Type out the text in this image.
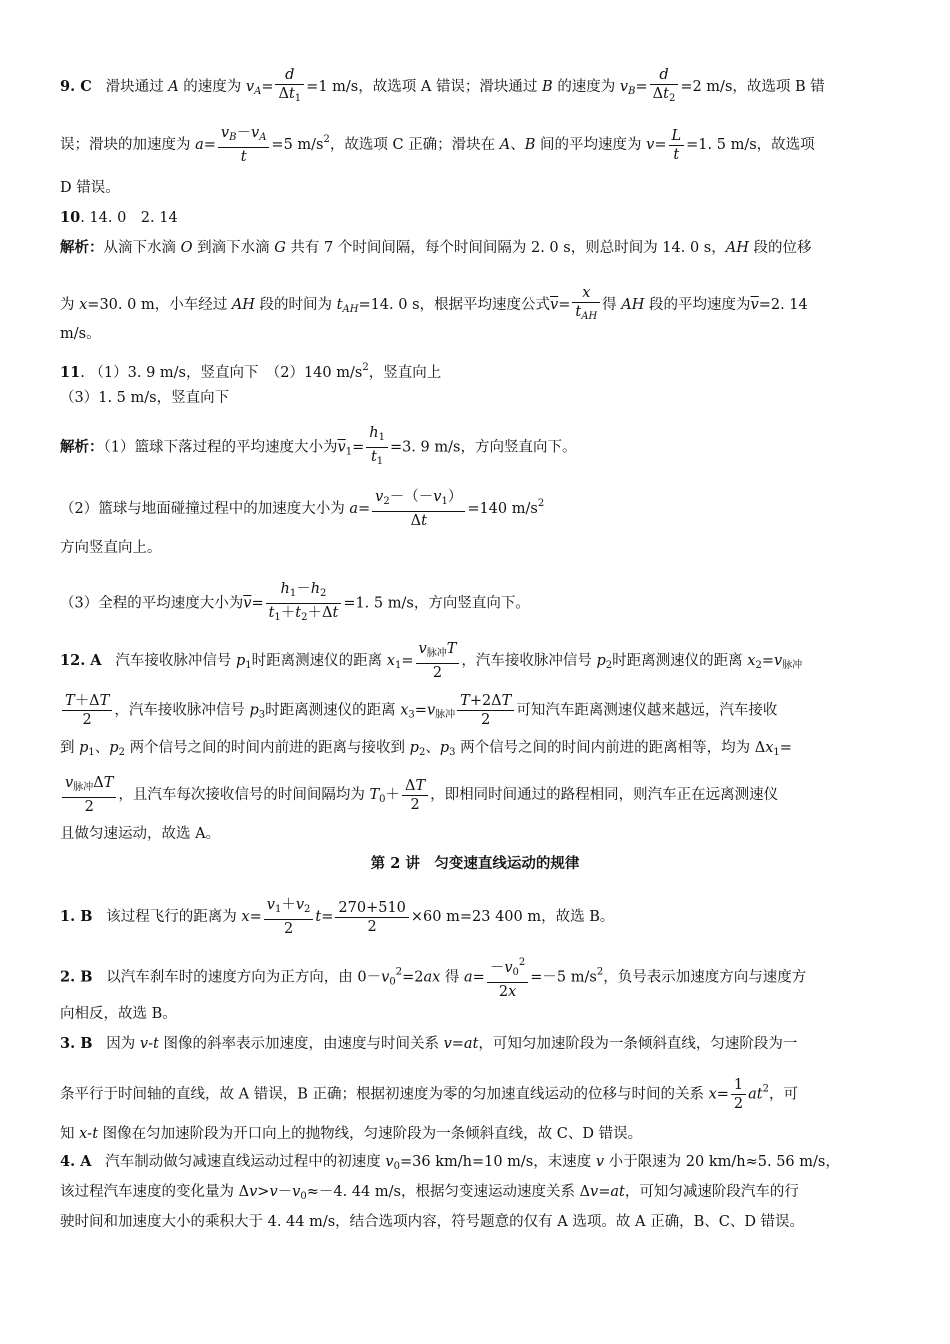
9. C 滑块通过 A 的速度为 $v_A= \frac{d}{\Delta t_1} =1$ m/s，故选项 A 错误；滑块通过 B 的速度为 $v_B= \frac{d}{\Delta t_2} =2$ m/s，故选项 B 错
误；滑块的加速度为 $a= \frac{v_B-v_A}{t} =5$ $m/s^2$，故选项 C 正确；滑块在 A、B 间的平均速度为 $v= \frac{L}{t} =1$. 5 m/s，故选项
D 错误。
10. 14. 0　2. 14
解析：从滴下水滴 O 到滴下水滴 G 共有 7 个时间间隔，每个时间间隔为 2. 0 s，则总时间为 14. 0 s，AH 段的位移
为 x=30. 0 m，小车经过 AH 段的时间为 $t_{AH}=14$. 0 s，根据平均速度公式$\overline{v}= \frac{x}{t_{AH}}$ 得 AH 段的平均速度为$\overline{v}=2$. 14
m/s。
11. （1）3. 9 m/s，竖直向下　（2）140 $m/s^2$，竖直向上
（3）1. 5 m/s，竖直向下
解析：（1）篮球下落过程的平均速度大小为$\overline{v}_1= \frac{h_1}{t_1} =3$. 9 m/s，方向竖直向下。
（2）篮球与地面碰撞过程中的加速度大小为 $a= \frac{v_2-(-v_1)}{\Delta t} =140$ $m/s^2$
方向竖直向上。
（3）全程的平均速度大小为$\overline{v}= \frac{h_1-h_2}{t_1+t_2+\Delta t} =1$. 5 m/s，方向竖直向下。
12. A 汽车接收脉冲信号 $p_1$时距离测速仪的距离 $x_1= \frac{v_{脉冲}T}{2}$ ，汽车接收脉冲信号 $p_2$时距离测速仪的距离 $x_2=v_{脉冲}$
$\frac{T+\Delta T}{2}$ ，汽车接收脉冲信号 $p_3$时距离测速仪的距离 $x_3=v_{脉冲} \frac{T+2\Delta T}{2}$ 可知汽车距离测速仪越来越远，汽车接收
到 $p_1$、$p_2$ 两个信号之间的时间内前进的距离与接收到 $p_2$、$p_3$ 两个信号之间的时间内前进的距离相等，均为 $\Delta x_1=$
$\frac{v_{脉冲}\Delta T}{2}$ ，且汽车每次接收信号的时间间隔均为 $T_0+ \frac{\Delta T}{2}$ ，即相同时间通过的路程相同，则汽车正在远离测速仪
且做匀速运动，故选 A。
第 2 讲　匀变速直线运动的规律
1. B 该过程飞行的距离为 $x= \frac{v_1+v_2}{2} t= \frac{270+510}{2} \times 60$ m=23 400 m，故选 B。
2. B 以汽车刹车时的速度方向为正方向，由 $0-v_0^2=2ax$ 得 $a= \frac{-v_0^2}{2x} =-5$ $m/s^2$，负号表示加速度方向与速度方
向相反，故选 B。
3. B 因为 v-t 图像的斜率表示加速度，由速度与时间关系 v=at，可知匀加速阶段为一条倾斜直线，匀速阶段为一
条平行于时间轴的直线，故 A 错误，B 正确；根据初速度为零的匀加速直线运动的位移与时间的关系 $x= \frac{1}{2} at^2$，可
知 x-t 图像在匀加速阶段为开口向上的抛物线，匀速阶段为一条倾斜直线，故 C、D 错误。
4. A 汽车制动做匀减速直线运动过程中的初速度 $v_0=36$ km/h=10 m/s，末速度 v 小于限速为 20 km/h≈5. 56 m/s，
该过程汽车速度的变化量为 $\Delta v>v-v_0\approx-4$. 44 m/s，根据匀变速运动速度关系 Δv=at，可知匀减速阶段汽车的行
驶时间和加速度大小的乘积大于 4. 44 m/s，结合选项内容，符号题意的仅有 A 选项。故 A 正确，B、C、D 错误。
